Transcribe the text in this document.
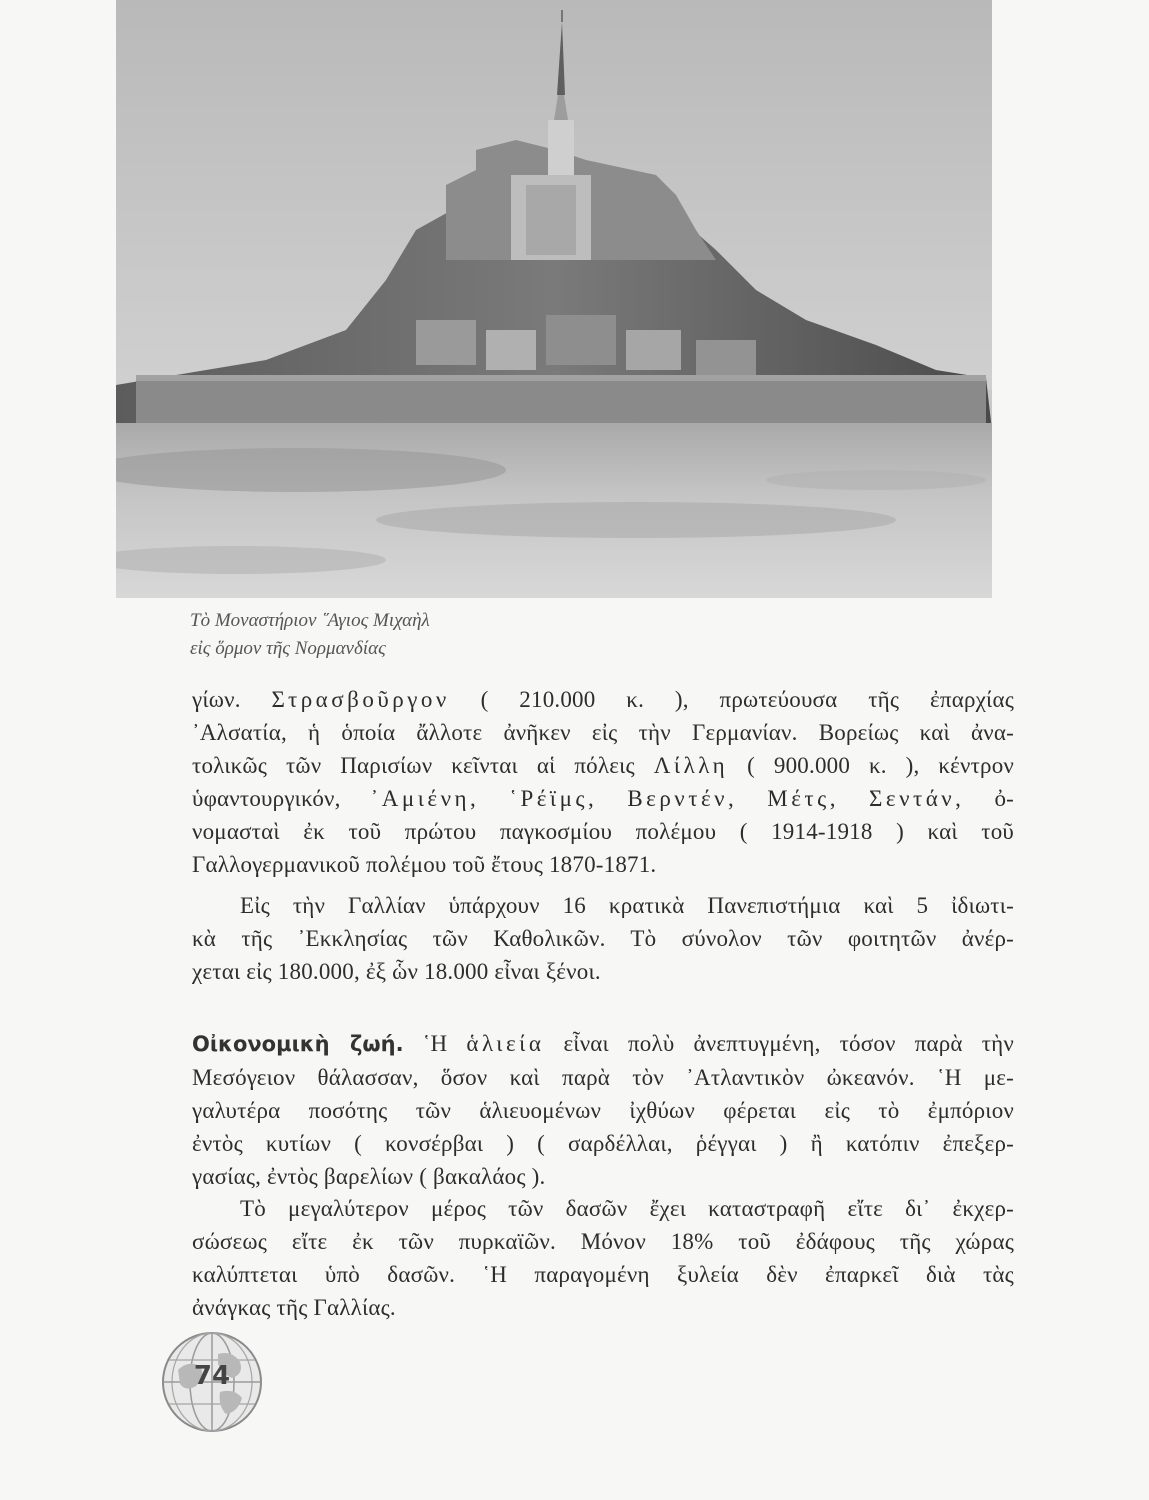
Τὸ Μοναστήριον ῞Αγιος Μιχαὴλ
εἰς ὅρμον τῆς Νορμανδίας
γίων. Στρασβοῦργον ( 210.000 κ. ), πρωτεύουσα τῆς ἐπαρχίας
᾿Αλσατία, ἡ ὁποία ἄλλοτε ἀνῆκεν εἰς τὴν Γερμανίαν. Βορείως καὶ ἀνα-
τολικῶς τῶν Παρισίων κεῖνται αἱ πόλεις Λίλλη ( 900.000 κ. ), κέντρον
ὑφαντουργικόν, ᾿Αμιένη, ῾Ρέϊμς, Βερντέν, Μέτς, Σεντάν, ὀ-
νομασταὶ ἐκ τοῦ πρώτου παγκοσμίου πολέμου ( 1914-1918 ) καὶ τοῦ
Γαλλογερμανικοῦ πολέμου τοῦ ἔτους 1870-1871.
Εἰς τὴν Γαλλίαν ὑπάρχουν 16 κρατικὰ Πανεπιστήμια καὶ 5 ἰδιωτι-
κὰ τῆς ᾿Εκκλησίας τῶν Καθολικῶν. Τὸ σύνολον τῶν φοιτητῶν ἀνέρ-
χεται εἰς 180.000, ἐξ ὧν 18.000 εἶναι ξένοι.
Οἰκονομικὴ ζωή. ῾Η ἁλιεία εἶναι πολὺ ἀνεπτυγμένη, τόσον παρὰ τὴν
Μεσόγειον θάλασσαν, ὅσον καὶ παρὰ τὸν ᾿Ατλαντικὸν ὠκεανόν. ῾Η με-
γαλυτέρα ποσότης τῶν ἁλιευομένων ἰχθύων φέρεται εἰς τὸ ἐμπόριον
ἐντὸς κυτίων ( κονσέρβαι ) ( σαρδέλλαι, ῥέγγαι ) ἢ κατόπιν ἐπεξερ-
γασίας, ἐντὸς βαρελίων ( βακαλάος ).
Τὸ μεγαλύτερον μέρος τῶν δασῶν ἔχει καταστραφῆ εἴτε δι᾿ ἐκχερ-
σώσεως εἴτε ἐκ τῶν πυρκαϊῶν. Μόνον 18% τοῦ ἐδάφους τῆς χώρας
καλύπτεται ὑπὸ δασῶν. ῾Η παραγομένη ξυλεία δὲν ἐπαρκεῖ διὰ τὰς
ἀνάγκας τῆς Γαλλίας.
74
